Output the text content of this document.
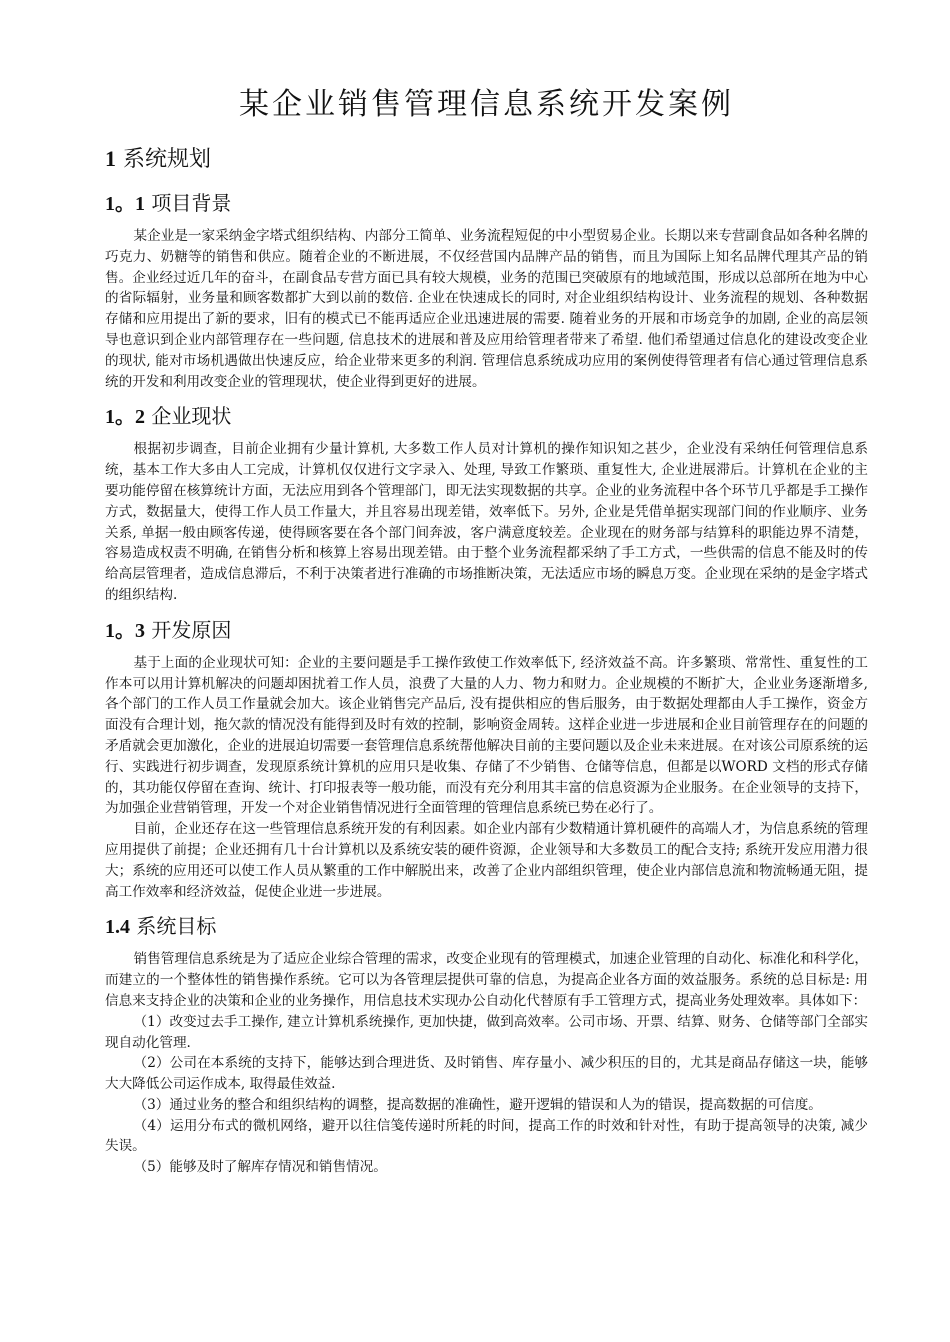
某企业销售管理信息系统开发案例
1 系统规划
1。1 项目背景

某企业是一家采纳金字塔式组织结构、内部分工简单、业务流程短促的中小型贸易企业。长期以来专营副食品如各种名牌的巧克力、奶糖等的销售和供应。随着企业的不断进展，不仅经营国内品牌产品的销售，而且为国际上知名品牌代理其产品的销售。企业经过近几年的奋斗，在副食品专营方面已具有较大规模，业务的范围已突破原有的地域范围，形成以总部所在地为中心的省际辐射，业务量和顾客数都扩大到以前的数倍. 企业在快速成长的同时, 对企业组织结构设计、业务流程的规划、各种数据存储和应用提出了新的要求，旧有的模式已不能再适应企业迅速进展的需要. 随着业务的开展和市场竞争的加剧, 企业的高层领导也意识到企业内部管理存在一些问题, 信息技术的进展和普及应用给管理者带来了希望. 他们希望通过信息化的建设改变企业的现状, 能对市场机遇做出快速反应，给企业带来更多的利润. 管理信息系统成功应用的案例使得管理者有信心通过管理信息系统的开发和利用改变企业的管理现状，使企业得到更好的进展。

1。2 企业现状

根据初步调查，目前企业拥有少量计算机, 大多数工作人员对计算机的操作知识知之甚少，企业没有采纳任何管理信息系统，基本工作大多由人工完成，计算机仅仅进行文字录入、处理, 导致工作繁琐、重复性大, 企业进展滞后。计算机在企业的主要功能停留在核算统计方面，无法应用到各个管理部门，即无法实现数据的共享。企业的业务流程中各个环节几乎都是手工操作方式，数据量大，使得工作人员工作量大，并且容易出现差错，效率低下。另外, 企业是凭借单据实现部门间的作业顺序、业务关系, 单据一般由顾客传递，使得顾客要在各个部门间奔波，客户满意度较差。企业现在的财务部与结算科的职能边界不清楚，容易造成权责不明确, 在销售分析和核算上容易出现差错。由于整个业务流程都采纳了手工方式，一些供需的信息不能及时的传给高层管理者，造成信息滞后，不利于决策者进行准确的市场推断决策，无法适应市场的瞬息万变。企业现在采纳的是金字塔式的组织结构.

1。3 开发原因

基于上面的企业现状可知：企业的主要问题是手工操作致使工作效率低下, 经济效益不高。许多繁琐、常常性、重复性的工作本可以用计算机解决的问题却困扰着工作人员，浪费了大量的人力、物力和财力。企业规模的不断扩大，企业业务逐渐增多, 各个部门的工作人员工作量就会加大。该企业销售完产品后, 没有提供相应的售后服务，由于数据处理都由人手工操作，资金方面没有合理计划，拖欠款的情况没有能得到及时有效的控制，影响资金周转。这样企业进一步进展和企业目前管理存在的问题的矛盾就会更加激化，企业的进展迫切需要一套管理信息系统帮他解决目前的主要问题以及企业未来进展。在对该公司原系统的运行、实践进行初步调查，发现原系统计算机的应用只是收集、存储了不少销售、仓储等信息，但都是以WORD 文档的形式存储的，其功能仅停留在查询、统计、打印报表等一般功能，而没有充分利用其丰富的信息资源为企业服务。在企业领导的支持下，为加强企业营销管理，开发一个对企业销售情况进行全面管理的管理信息系统已势在必行了。

目前，企业还存在这一些管理信息系统开发的有利因素。如企业内部有少数精通计算机硬件的高端人才，为信息系统的管理应用提供了前提；企业还拥有几十台计算机以及系统安装的硬件资源，企业领导和大多数员工的配合支持; 系统开发应用潜力很大；系统的应用还可以使工作人员从繁重的工作中解脱出来，改善了企业内部组织管理，使企业内部信息流和物流畅通无阻，提高工作效率和经济效益，促使企业进一步进展。

1.4 系统目标

销售管理信息系统是为了适应企业综合管理的需求，改变企业现有的管理模式，加速企业管理的自动化、标准化和科学化，而建立的一个整体性的销售操作系统。它可以为各管理层提供可靠的信息，为提高企业各方面的效益服务。系统的总目标是: 用信息来支持企业的决策和企业的业务操作，用信息技术实现办公自动化代替原有手工管理方式，提高业务处理效率。具体如下：

（1）改变过去手工操作, 建立计算机系统操作, 更加快捷，做到高效率。公司市场、开票、结算、财务、仓储等部门全部实现自动化管理.

（2）公司在本系统的支持下，能够达到合理进货、及时销售、库存量小、减少积压的目的，尤其是商品存储这一块，能够大大降低公司运作成本, 取得最佳效益.

（3）通过业务的整合和组织结构的调整，提高数据的准确性，避开逻辑的错误和人为的错误，提高数据的可信度。

（4）运用分布式的微机网络，避开以往信笺传递时所耗的时间，提高工作的时效和针对性，有助于提高领导的决策, 减少失误。

（5）能够及时了解库存情况和销售情况。
